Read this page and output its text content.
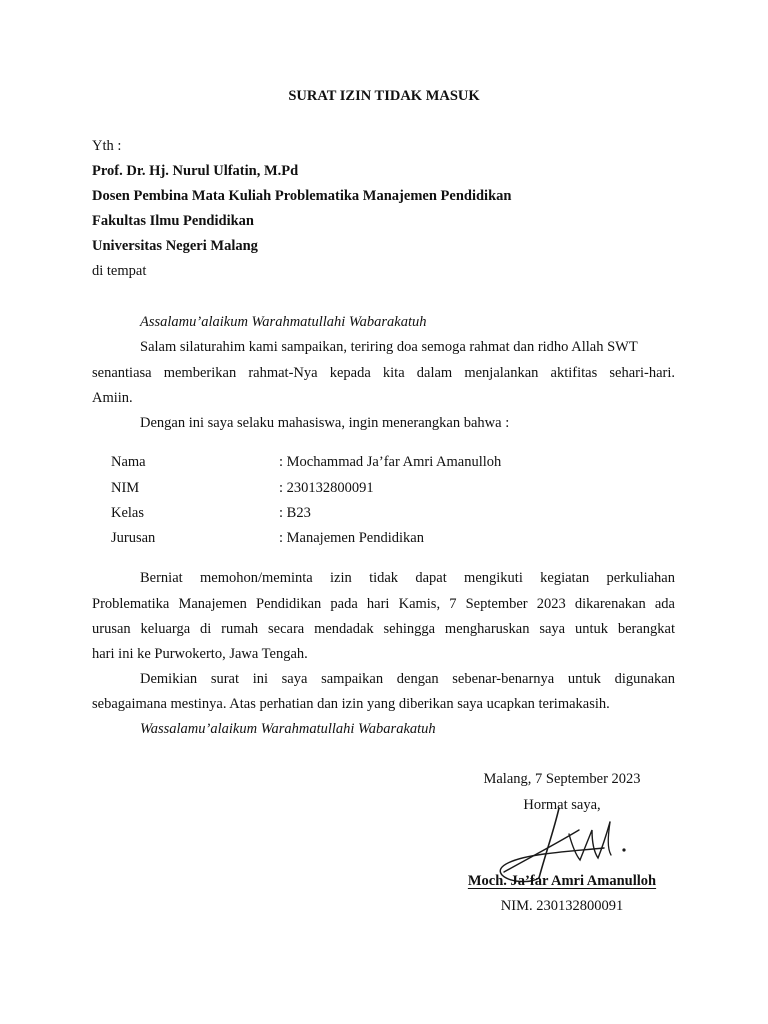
SURAT IZIN TIDAK MASUK
Yth :
Prof. Dr. Hj. Nurul Ulfatin, M.Pd
Dosen Pembina Mata Kuliah Problematika Manajemen Pendidikan
Fakultas Ilmu Pendidikan
Universitas Negeri Malang
di tempat
Assalamu’alaikum Warahmatullahi Wabarakatuh
Salam silaturahim kami sampaikan, teriring doa semoga rahmat dan ridho Allah SWT
senantiasa memberikan rahmat-Nya kepada kita dalam menjalankan aktifitas sehari-hari.
Amiin.
Dengan ini saya selaku mahasiswa, ingin menerangkan bahwa :
Nama	: Mochammad Ja’far Amri Amanulloh
NIM	: 230132800091
Kelas	: B23
Jurusan	: Manajemen Pendidikan
Berniat memohon/meminta izin tidak dapat mengikuti kegiatan perkuliahan
Problematika Manajemen Pendidikan pada hari Kamis, 7 September 2023 dikarenakan ada
urusan keluarga di rumah secara mendadak sehingga mengharuskan saya untuk berangkat
hari ini ke Purwokerto, Jawa Tengah.
Demikian surat ini saya sampaikan dengan sebenar-benarnya untuk digunakan
sebagaimana mestinya. Atas perhatian dan izin yang diberikan saya ucapkan terimakasih.
Wassalamu’alaikum Warahmatullahi Wabarakatuh
Malang, 7 September 2023
Hormat saya,
Moch. Ja’far Amri Amanulloh
NIM. 230132800091
